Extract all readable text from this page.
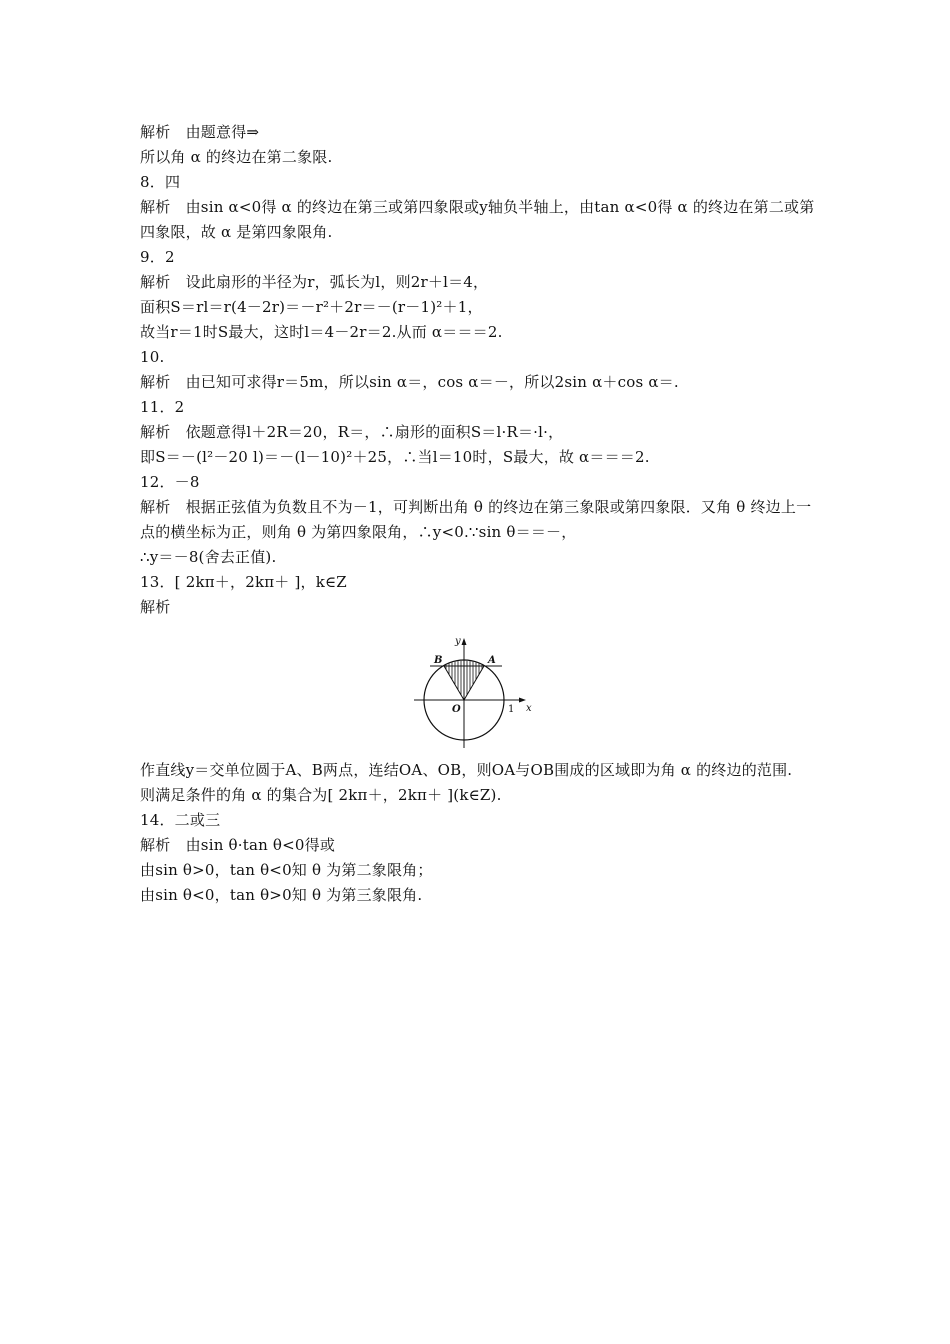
解析　由题意得⇒
所以角 α 的终边在第二象限.
8．四
解析　由sin α<0得 α 的终边在第三或第四象限或y轴负半轴上，由tan α<0得 α 的终边在第二或第四象限，故 α 是第四象限角.
9．2
解析　设此扇形的半径为r，弧长为l，则2r＋l＝4，
面积S＝rl＝r(4－2r)＝－r²＋2r＝－(r－1)²＋1，
故当r＝1时S最大，这时l＝4－2r＝2.从而 α＝＝＝2.
10.
解析　由已知可求得r＝5m，所以sin α＝，cos α＝－，所以2sin α＋cos α＝.
11．2
解析　依题意得l＋2R＝20，R＝，∴扇形的面积S＝l·R＝·l·，
即S＝－(l²－20 l)＝－(l－10)²＋25，∴当l＝10时，S最大，故 α＝＝＝2.
12．－8
解析　根据正弦值为负数且不为－1，可判断出角 θ 的终边在第三象限或第四象限．又角 θ 终边上一点的横坐标为正，则角 θ 为第四象限角，∴y<0.∵sin θ＝＝－，
∴y＝－8(舍去正值).
13．[ 2kπ＋，2kπ＋ ]，k∈Z
解析
y
x
O	1
A
B
作直线y＝交单位圆于A、B两点，连结OA、OB，则OA与OB围成的区域即为角 α 的终边的范围.
则满足条件的角 α 的集合为[ 2kπ＋，2kπ＋ ](k∈Z).
14．二或三
解析　由sin θ·tan θ<0得或
由sin θ>0，tan θ<0知 θ 为第二象限角；
由sin θ<0，tan θ>0知 θ 为第三象限角.
